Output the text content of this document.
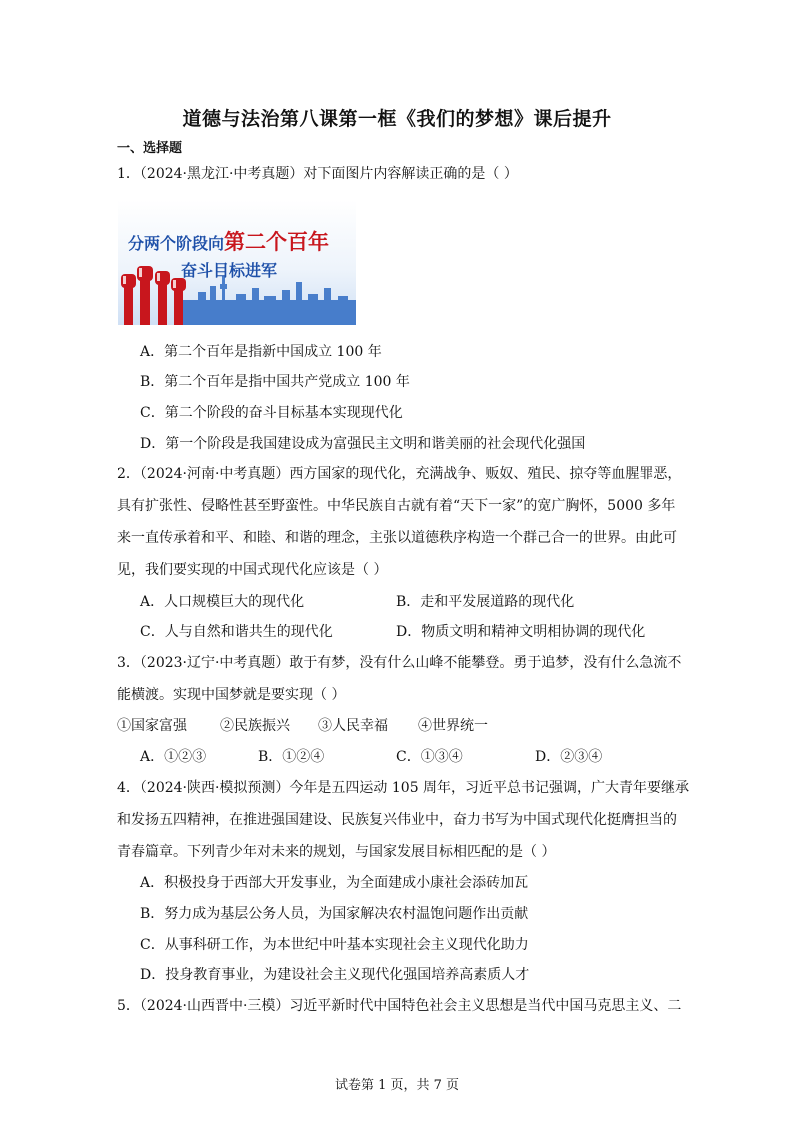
道德与法治第八课第一框《我们的梦想》课后提升
一、选择题
1．（2024·黑龙江·中考真题）对下面图片内容解读正确的是（ ）
分两个阶段向第二个百年
奋斗目标进军
A．第二个百年是指新中国成立 100 年
B．第二个百年是指中国共产党成立 100 年
C．第二个阶段的奋斗目标基本实现现代化
D．第一个阶段是我国建设成为富强民主文明和谐美丽的社会现代化强国
2．（2024·河南·中考真题）西方国家的现代化，充满战争、贩奴、殖民、掠夺等血腥罪恶，
具有扩张性、侵略性甚至野蛮性。中华民族自古就有着“天下一家”的宽广胸怀，5000 多年
来一直传承着和平、和睦、和谐的理念，主张以道德秩序构造一个群己合一的世界。由此可
见，我们要实现的中国式现代化应该是（ ）
A．人口规模巨大的现代化	B．走和平发展道路的现代化
C．人与自然和谐共生的现代化	D．物质文明和精神文明相协调的现代化
3．（2023·辽宁·中考真题）敢于有梦，没有什么山峰不能攀登。勇于追梦，没有什么急流不
能横渡。实现中国梦就是要实现（ ）
①国家富强 ②民族振兴 ③人民幸福 ④世界统一
A．①②③	B．①②④	C．①③④	D．②③④
4．（2024·陕西·模拟预测）今年是五四运动 105 周年，习近平总书记强调，广大青年要继承
和发扬五四精神，在推进强国建设、民族复兴伟业中，奋力书写为中国式现代化挺膺担当的
青春篇章。下列青少年对未来的规划，与国家发展目标相匹配的是（ ）
A．积极投身于西部大开发事业，为全面建成小康社会添砖加瓦
B．努力成为基层公务人员，为国家解决农村温饱问题作出贡献
C．从事科研工作，为本世纪中叶基本实现社会主义现代化助力
D．投身教育事业，为建设社会主义现代化强国培养高素质人才
5．（2024·山西晋中·三模）习近平新时代中国特色社会主义思想是当代中国马克思主义、二
试卷第 1 页，共 7 页
